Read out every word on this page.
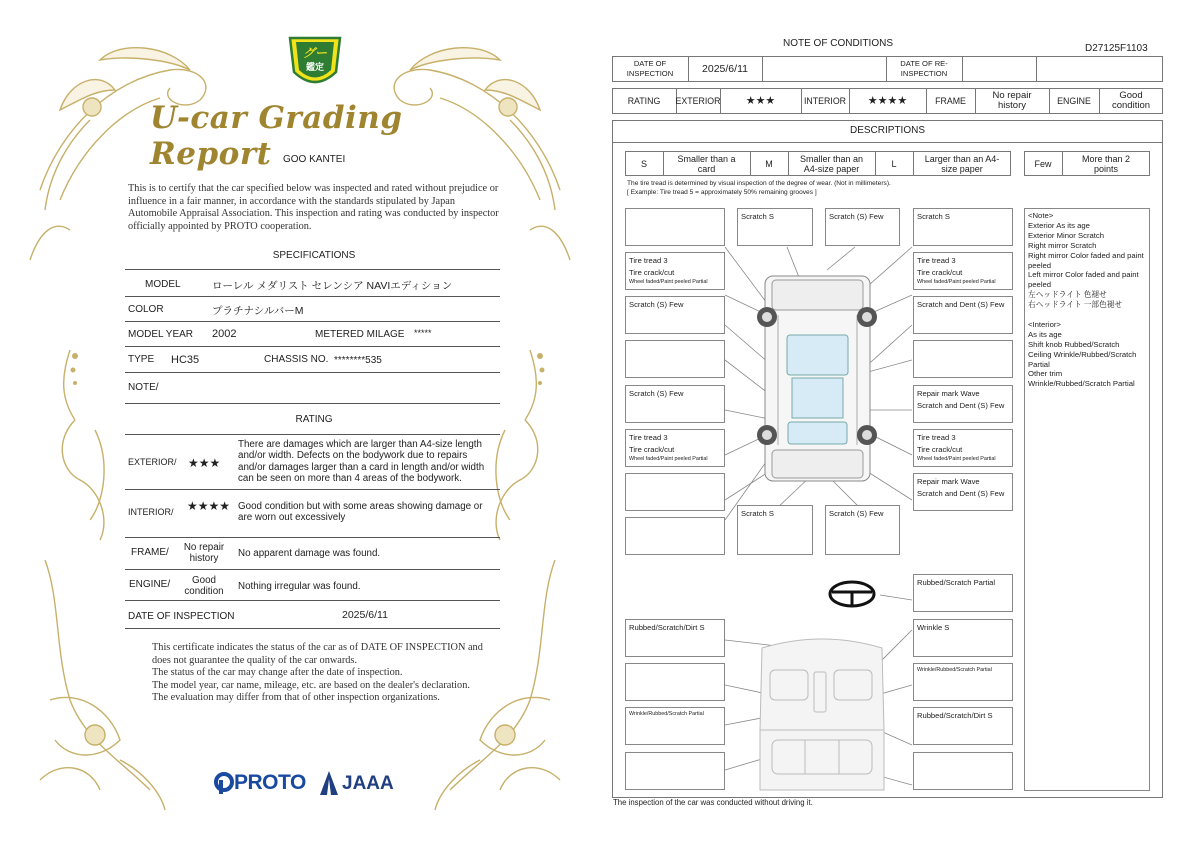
グー
鑑定
U-car Grading Report	GOO KANTEI
This is to certify that the car specified below was inspected and rated without prejudice or influence in a fair manner, in accordance with the standards stipulated by Japan Automobile Appraisal Association. This inspection and rating was conducted by inspector officially appointed by PROTO cooperation.
SPECIFICATIONS
MODEL	ローレル メダリスト セレンシア NAVIエディション
COLOR	プラチナシルバーM
MODEL YEAR 2002	METERED MILAGE *****
TYPE HC35	CHASSIS NO. ********535
NOTE/
RATING
EXTERIOR/ ★★★
There are damages which are larger than A4-size length and/or width. Defects on the bodywork due to repairs and/or damages larger than a card in length and/or width can be seen on more than 4 areas of the bodywork.
INTERIOR/ ★★★★ Good condition but with some areas showing damage or are worn out excessively
FRAME/	No repair history	No apparent damage was found.
ENGINE/	Good condition	Nothing irregular was found.
DATE OF INSPECTION	2025/6/11
This certificate indicates the status of the car as of DATE OF INSPECTION and does not guarantee the quality of the car onwards.
The status of the car may change after the date of inspection.
The model year, car name, mileage, etc. are based on the dealer's declaration.
The evaluation may differ from that of other inspection organizations.
PROTO JAAA
NOTE OF CONDITIONS	D27125F1103
DATE OF INSPECTION	2025/6/11	DATE OF RE-INSPECTION
RATING	EXTERIOR	★★★	INTERIOR	★★★★	FRAME	No repair history	ENGINE	Good condition
DESCRIPTIONS
S	Smaller than a card	M	Smaller than an A4-size paper	L	Larger than an A4-size paper	Few	More than 2 points
The tire tread is determined by visual inspection of the degree of wear. (Not in millimeters).
[ Example: Tire tread 5 = approximately 50% remaining grooves ]
Scratch S	Scratch (S) Few	Scratch S
Tire tread 3
Tire crack/cut
Wheel faded/Paint peeled Partial
Tire tread 3
Tire crack/cut
Wheel faded/Paint peeled Partial
Scratch (S) Few	Scratch and Dent (S) Few
Scratch (S) Few	Repair mark Wave
Scratch and Dent (S) Few
Tire tread 3
Tire crack/cut
Wheel faded/Paint peeled Partial
Tire tread 3
Tire crack/cut
Wheel faded/Paint peeled Partial
Repair mark Wave
Scratch and Dent (S) Few
Scratch S	Scratch (S) Few
Rubbed/Scratch Partial
Rubbed/Scratch/Dirt S	Wrinkle S
Wrinkle/Rubbed/Scratch Partial
Wrinkle/Rubbed/Scratch Partial	Rubbed/Scratch/Dirt S
<Note>
Exterior As its age
Exterior Minor Scratch
Right mirror Scratch
Right mirror Color faded and paint peeled
Left mirror Color faded and paint peeled
左ヘッドライト 色褪せ
右ヘッドライト 一部色褪せ
<Interior>
As its age
Shift knob Rubbed/Scratch
Ceiling Wrinkle/Rubbed/Scratch Partial
Other trim Wrinkle/Rubbed/Scratch Partial
The inspection of the car was conducted without driving it.
